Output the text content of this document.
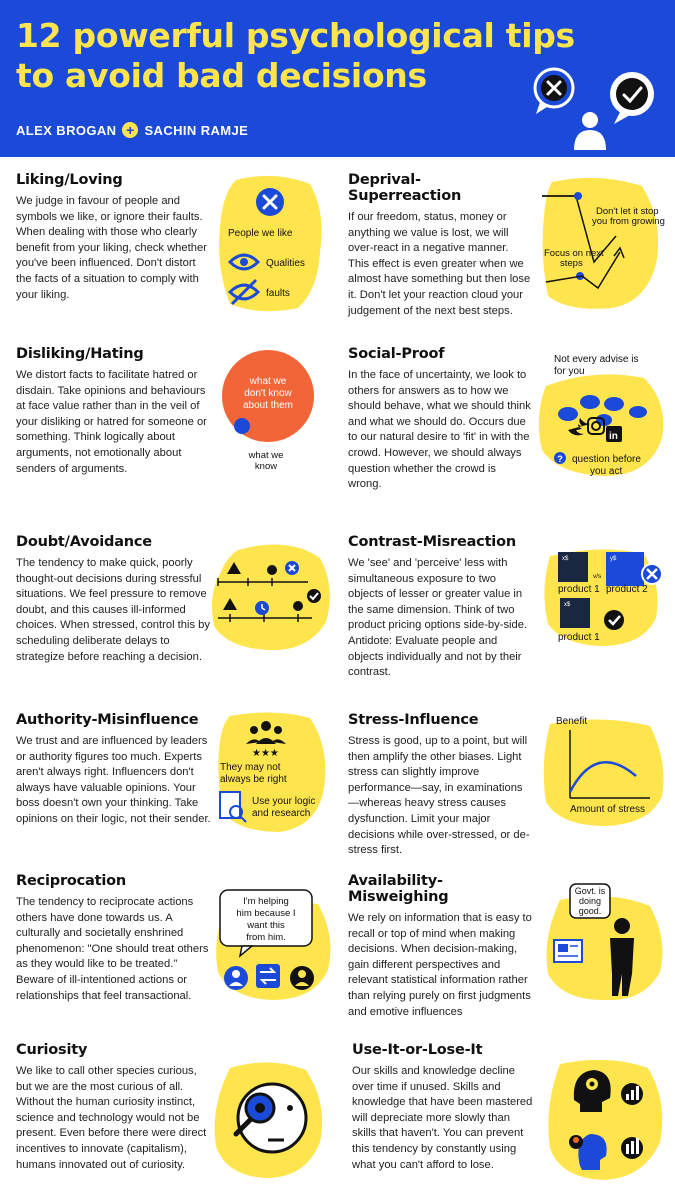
12 powerful psychological tips
to avoid bad decisions
ALEX BROGAN + SACHIN RAMJE
Liking/Loving

We judge in favour of people and symbols we like, or ignore their faults. When dealing with those who clearly benefit from your liking, check whether you've been influenced. Don't distort the facts of a situation to comply with your liking.

People we like
Qualities
faults
Deprival-Superreaction

If our freedom, status, money or anything we value is lost, we will over-react in a negative manner. This effect is even greater when we almost have something but then lose it. Don't let your reaction cloud your judgement of the next best steps.

Don't let it stop
you from growing
Focus on next
steps
Disliking/Hating

We distort facts to facilitate hatred or disdain. Take opinions and behaviours at face value rather than in the veil of your disliking or hatred for someone or something. Think logically about arguments, not emotionally about senders of arguments.

what we
don't know
about them
what we
know
Social-Proof

In the face of uncertainty, we look to others for answers as to how we should behave, what we should think and what we should do. Occurs due to our natural desire to 'fit' in with the crowd. However, we should always question whether the crowd is wrong.

Not every advise is
for you
in
? question before
you act
Doubt/Avoidance

The tendency to make quick, poorly thought-out decisions during stressful situations. We feel pressure to remove doubt, and this causes ill-informed choices. When stressed, control this by scheduling deliberate delays to strategize before reaching a decision.

Contrast-Misreaction

We 'see' and 'perceive' less with simultaneous exposure to two objects of lesser or greater value in the same dimension. Think of two product pricing options side-by-side. Antidote: Evaluate people and objects individually and not by their contrast.

x$
v/s
y$
product 1 product 2
x$
product 1
Authority-Misinfluence

We trust and are influenced by leaders or authority figures too much. Experts aren't always right. Influencers don't always have valuable opinions. Your boss doesn't own your thinking. Take opinions on their logic, not their sender.

★★★
They may not
always be right
Use your logic
and research
Stress-Influence

Stress is good, up to a point, but will then amplify the other biases. Light stress can slightly improve performance—say, in examinations—whereas heavy stress causes dysfunction. Limit your major decisions while over-stressed, or de-stress first.

Benefit
Amount of stress
Reciprocation

The tendency to reciprocate actions others have done towards us. A culturally and societally enshrined phenomenon: "One should treat others as they would like to be treated." Beware of ill-intentioned actions or relationships that feel transactional.

I'm helping
him because I
want this
from him.
Availability-Misweighing

We rely on information that is easy to recall or top of mind when making decisions. When decision-making, gain different perspectives and relevant statistical information rather than relying purely on first judgments and emotive influences

Govt. is
doing
good.
Curiosity

We like to call other species curious, but we are the most curious of all. Without the human curiosity instinct, science and technology would not be present. Even before there were direct incentives to innovate (capitalism), humans innovated out of curiosity.

Use-It-or-Lose-It

Our skills and knowledge decline over time if unused. Skills and knowledge that have been mastered will depreciate more slowly than skills that haven't. You can prevent this tendency by constantly using what you can't afford to lose.
